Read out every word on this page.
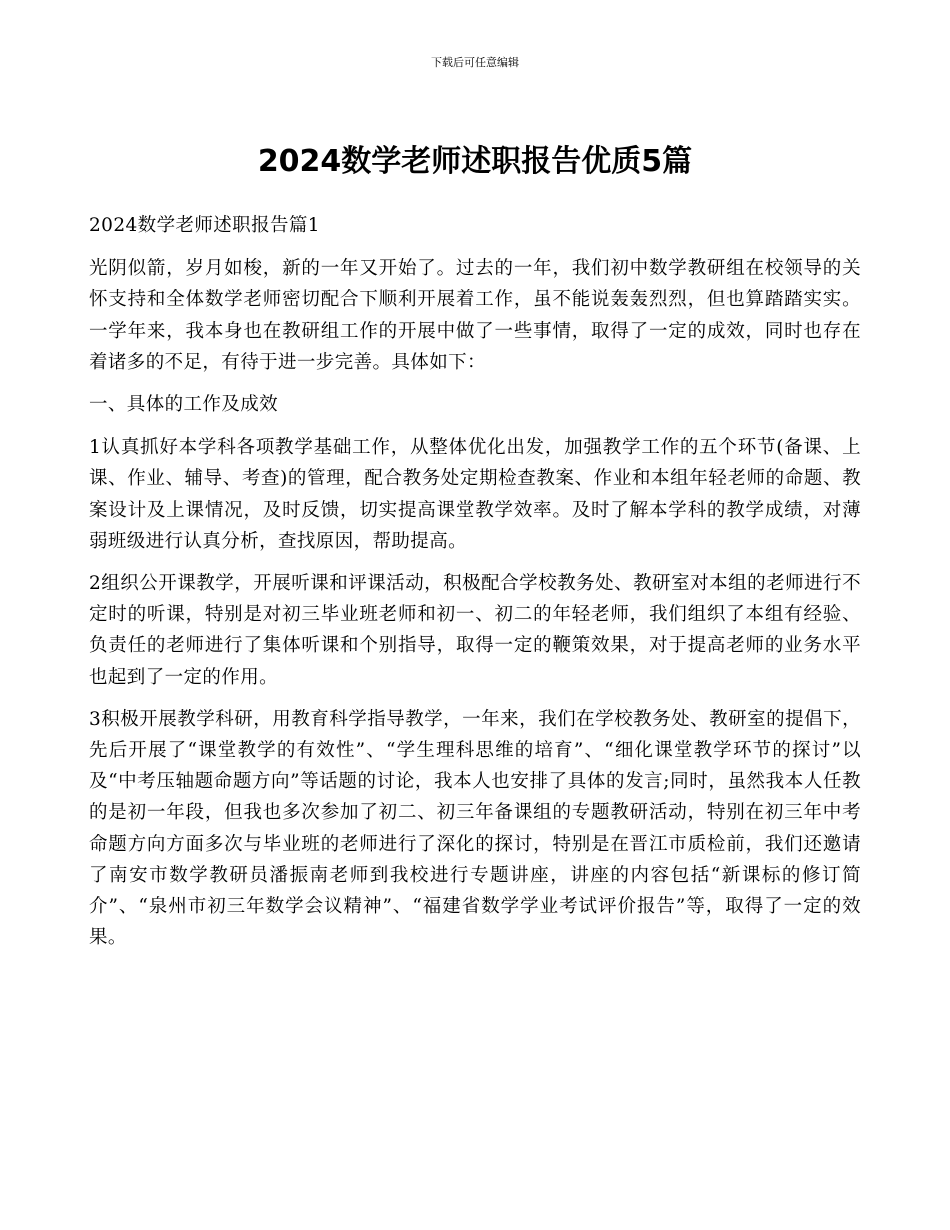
下载后可任意编辑
2024数学老师述职报告优质5篇

2024数学老师述职报告篇1

光阴似箭，岁月如梭，新的一年又开始了。过去的一年，我们初中数学教研组在校领导的关怀支持和全体数学老师密切配合下顺利开展着工作，虽不能说轰轰烈烈，但也算踏踏实实。一学年来，我本身也在教研组工作的开展中做了一些事情，取得了一定的成效，同时也存在着诸多的不足，有待于进一步完善。具体如下：

一、具体的工作及成效

1认真抓好本学科各项教学基础工作，从整体优化出发，加强教学工作的五个环节(备课、上课、作业、辅导、考查)的管理，配合教务处定期检查教案、作业和本组年轻老师的命题、教案设计及上课情况，及时反馈，切实提高课堂教学效率。及时了解本学科的教学成绩，对薄弱班级进行认真分析，查找原因，帮助提高。

2组织公开课教学，开展听课和评课活动，积极配合学校教务处、教研室对本组的老师进行不定时的听课，特别是对初三毕业班老师和初一、初二的年轻老师，我们组织了本组有经验、负责任的老师进行了集体听课和个别指导，取得一定的鞭策效果，对于提高老师的业务水平也起到了一定的作用。

3积极开展教学科研，用教育科学指导教学，一年来，我们在学校教务处、教研室的提倡下，先后开展了“课堂教学的有效性”、“学生理科思维的培育”、“细化课堂教学环节的探讨”以及“中考压轴题命题方向”等话题的讨论，我本人也安排了具体的发言;同时，虽然我本人任教的是初一年段，但我也多次参加了初二、初三年备课组的专题教研活动，特别在初三年中考命题方向方面多次与毕业班的老师进行了深化的探讨，特别是在晋江市质检前，我们还邀请了南安市数学教研员潘振南老师到我校进行专题讲座，讲座的内容包括“新课标的修订简介”、“泉州市初三年数学会议精神”、“福建省数学学业考试评价报告”等，取得了一定的效果。
